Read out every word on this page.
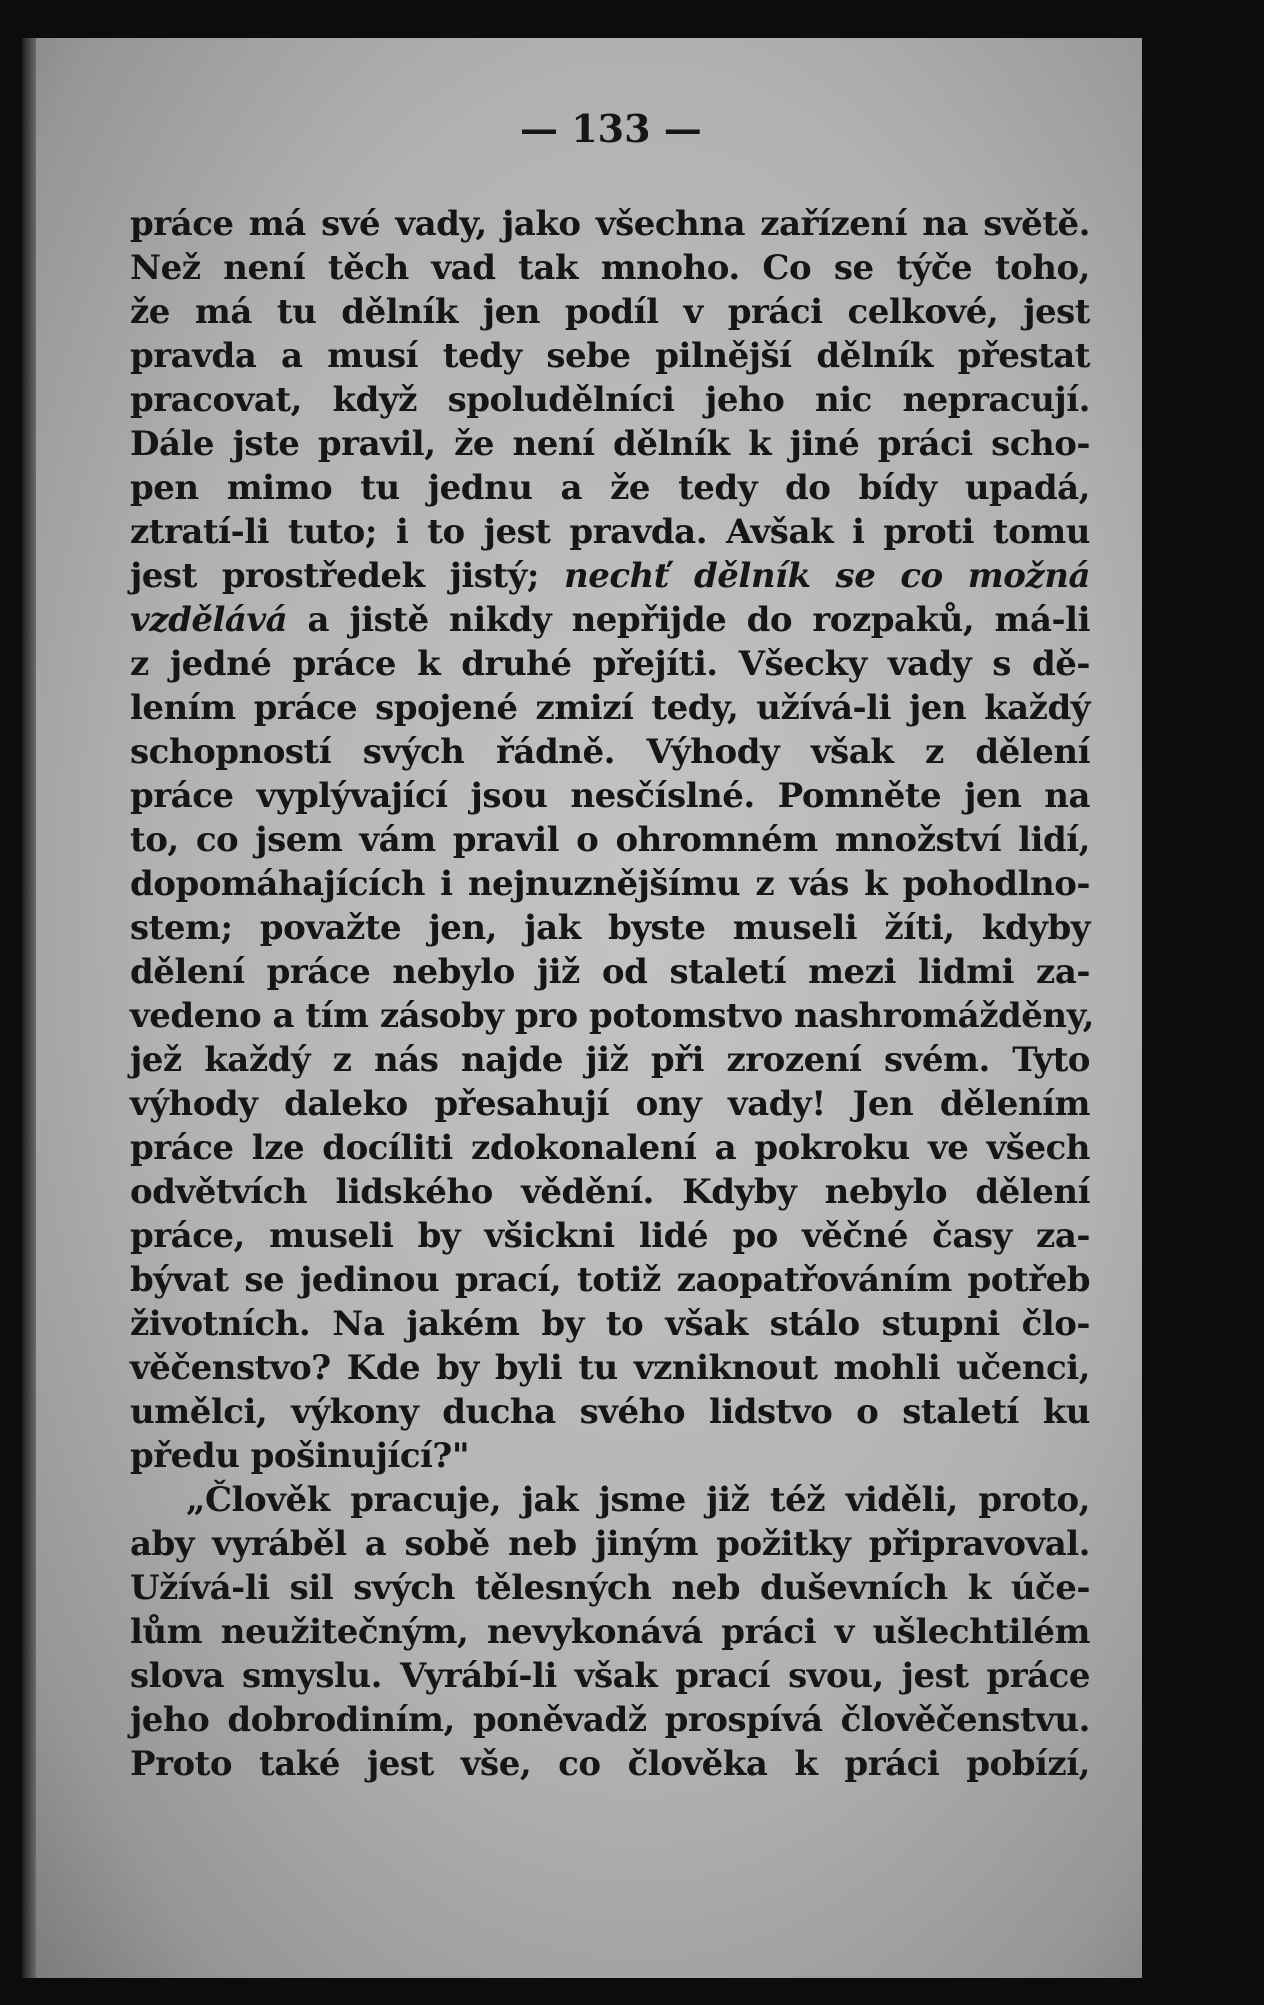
— 133 —
práce má své vady, jako všechna zařízení na světě.
Než není těch vad tak mnoho. Co se týče toho,
že má tu dělník jen podíl v práci celkové, jest
pravda a musí tedy sebe pilnější dělník přestat
pracovat, když spoludělníci jeho nic nepracují.
Dále jste pravil, že není dělník k jiné práci scho-
pen mimo tu jednu a že tedy do bídy upadá,
ztratí-li tuto; i to jest pravda. Avšak i proti tomu
jest prostředek jistý; nechť dělník se co možná
vzdělává a jistě nikdy nepřijde do rozpaků, má-li
z jedné práce k druhé přejíti. Všecky vady s dě-
lením práce spojené zmizí tedy, užívá-li jen každý
schopností svých řádně. Výhody však z dělení
práce vyplývající jsou nesčíslné. Pomněte jen na
to, co jsem vám pravil o ohromném množství lidí,
dopomáhajících i nejnuznějšímu z vás k pohodlno-
stem; považte jen, jak byste museli žíti, kdyby
dělení práce nebylo již od staletí mezi lidmi za-
vedeno a tím zásoby pro potomstvo nashromážděny,
jež každý z nás najde již při zrození svém. Tyto
výhody daleko přesahují ony vady! Jen dělením
práce lze docíliti zdokonalení a pokroku ve všech
odvětvích lidského vědění. Kdyby nebylo dělení
práce, museli by všickni lidé po věčné časy za-
bývat se jedinou prací, totiž zaopatřováním potřeb
životních. Na jakém by to však stálo stupni člo-
věčenstvo? Kde by byli tu vzniknout mohli učenci,
umělci, výkony ducha svého lidstvo o staletí ku
předu pošinující?"
„Člověk pracuje, jak jsme již též viděli, proto,
aby vyráběl a sobě neb jiným požitky připravoval.
Užívá-li sil svých tělesných neb duševních k úče-
lům neužitečným, nevykonává práci v ušlechtilém
slova smyslu. Vyrábí-li však prací svou, jest práce
jeho dobrodiním, poněvadž prospívá člověčenstvu.
Proto také jest vše, co člověka k práci pobízí,
